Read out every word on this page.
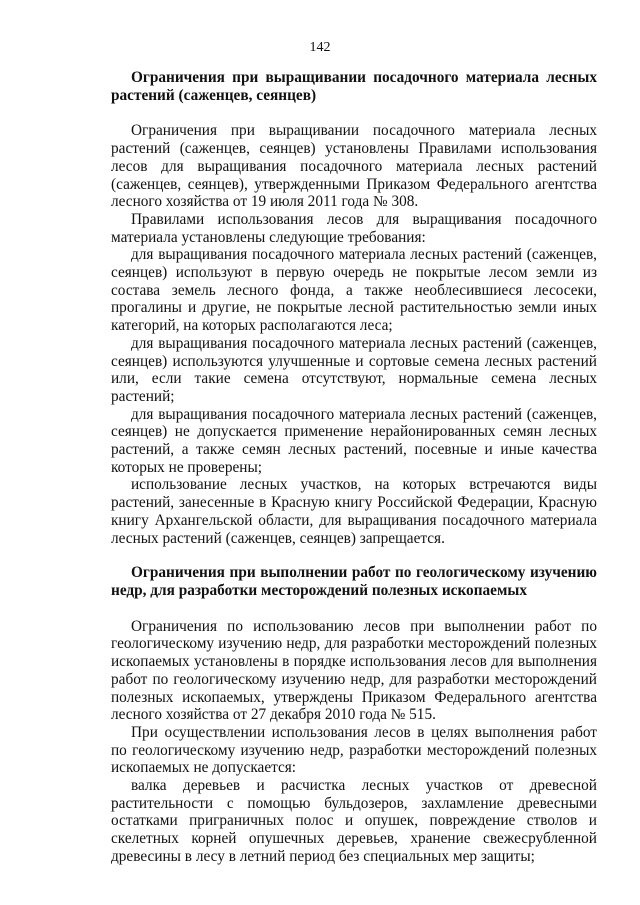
142

Ограничения при выращивании посадочного материала лесных растений (саженцев, сеянцев)

Ограничения при выращивании посадочного материала лесных растений (саженцев, сеянцев) установлены Правилами использования лесов для выращивания посадочного материала лесных растений (саженцев, сеянцев), утвержденными Приказом Федерального агентства лесного хозяйства от 19 июля 2011 года № 308.

Правилами использования лесов для выращивания посадочного материала установлены следующие требования:

для выращивания посадочного материала лесных растений (саженцев, сеянцев) используют в первую очередь не покрытые лесом земли из состава земель лесного фонда, а также необлесившиеся лесосеки, прогалины и другие, не покрытые лесной растительностью земли иных категорий, на которых располагаются леса;

для выращивания посадочного материала лесных растений (саженцев, сеянцев) используются улучшенные и сортовые семена лесных растений или, если такие семена отсутствуют, нормальные семена лесных растений;

для выращивания посадочного материала лесных растений (саженцев, сеянцев) не допускается применение нерайонированных семян лесных растений, а также семян лесных растений, посевные и иные качества которых не проверены;

использование лесных участков, на которых встречаются виды растений, занесенные в Красную книгу Российской Федерации, Красную книгу Архангельской области, для выращивания посадочного материала лесных растений (саженцев, сеянцев) запрещается.

Ограничения при выполнении работ по геологическому изучению недр, для разработки месторождений полезных ископаемых

Ограничения по использованию лесов при выполнении работ по геологическому изучению недр, для разработки месторождений полезных ископаемых установлены в порядке использования лесов для выполнения работ по геологическому изучению недр, для разработки месторождений полезных ископаемых, утверждены Приказом Федерального агентства лесного хозяйства от 27 декабря 2010 года № 515.

При осуществлении использования лесов в целях выполнения работ по геологическому изучению недр, разработки месторождений полезных ископаемых не допускается:

валка деревьев и расчистка лесных участков от древесной растительности с помощью бульдозеров, захламление древесными остатками приграничных полос и опушек, повреждение стволов и скелетных корней опушечных деревьев, хранение свежесрубленной древесины в лесу в летний период без специальных мер защиты;
